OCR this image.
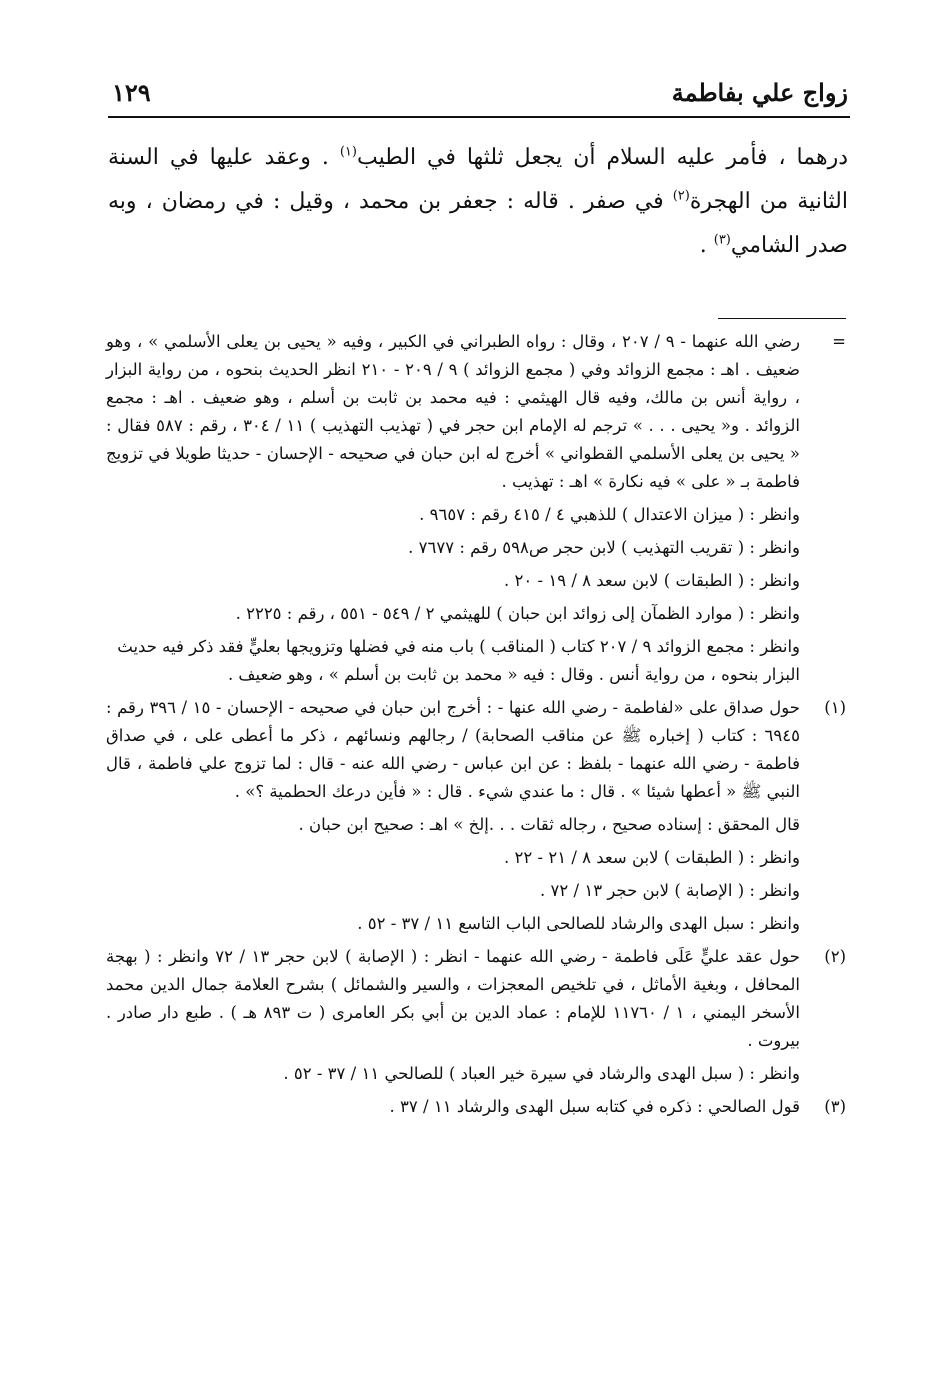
زواج علي بفاطمة
١٢٩

درهما ، فأمر عليه السلام أن يجعل ثلثها في الطيب$^{(١)}$ . وعقد عليها في السنة الثانية من الهجرة$^{(٢)}$ في صفر . قاله : جعفر بن محمد ، وقيل : في رمضان ، وبه صدر الشامي$^{(٣)}$ .

=
رضي الله عنهما - ٩ / ٢٠٧ ، وقال : رواه الطبراني في الكبير ، وفيه « يحيى بن يعلى الأسلمي » ، وهو ضعيف . اهـ : مجمع الزوائد وفي ( مجمع الزوائد ) ٩ / ٢٠٩ - ٢١٠ انظر الحديث بنحوه ، من رواية البزار ، رواية أنس بن مالك، وفيه قال الهيثمي : فيه محمد بن ثابت بن أسلم ، وهو ضعيف . اهـ : مجمع الزوائد . و« يحيى . . . » ترجم له الإمام ابن حجر في ( تهذيب التهذيب ) ١١ / ٣٠٤ ، رقم : ٥٨٧ فقال : « يحيى بن يعلى الأسلمي القطواني » أخرج له ابن حبان في صحيحه - الإحسان - حديثا طويلا في تزويج فاطمة بـ « على » فيه نكارة » اهـ : تهذيب .
وانظر : ( ميزان الاعتدال ) للذهبي ٤ / ٤١٥ رقم : ٩٦٥٧ .
وانظر : ( تقريب التهذيب ) لابن حجر ص٥٩٨ رقم : ٧٦٧٧ .
وانظر : ( الطبقات ) لابن سعد ٨ / ١٩ - ٢٠ .
وانظر : ( موارد الظمآن إلى زوائد ابن حبان ) للهيثمي ٢ / ٥٤٩ - ٥٥١ ، رقم : ٢٢٢٥ .
وانظر : مجمع الزوائد ٩ / ٢٠٧ كتاب ( المناقب ) باب منه في فضلها وتزويجها بعليٍّ فقد ذكر فيه حديث البزار بنحوه ، من رواية أنس . وقال : فيه « محمد بن ثابت بن أسلم » ، وهو ضعيف .
(١)
حول صداق على «لفاطمة - رضي الله عنها - : أخرج ابن حبان في صحيحه - الإحسان - ١٥ / ٣٩٦ رقم : ٦٩٤٥ : كتاب ( إخباره ﷺ عن مناقب الصحابة) / رجالهم ونسائهم ، ذكر ما أعطى على ، في صداق فاطمة - رضي الله عنهما - بلفظ : عن ابن عباس - رضي الله عنه - قال : لما تزوج علي فاطمة ، قال النبي ﷺ « أعطها شيئا » . قال : ما عندي شيء . قال : « فأين درعك الحطمية ؟» .
قال المحقق : إسناده صحيح ، رجاله ثقات . . .إلخ » اهـ : صحيح ابن حبان .
وانظر : ( الطبقات ) لابن سعد ٨ / ٢١ - ٢٢ .
وانظر : ( الإصابة ) لابن حجر ١٣ / ٧٢ .
وانظر : سبل الهدى والرشاد للصالحى الباب التاسع ١١ / ٣٧ - ٥٢ .
(٢)
حول عقد عليٍّ عَلَى فاطمة - رضي الله عنهما - انظر : ( الإصابة ) لابن حجر ١٣ / ٧٢ وانظر : ( بهجة المحافل ، وبغية الأماثل ، في تلخيص المعجزات ، والسير والشمائل ) بشرح العلامة جمال الدين محمد الأسخر اليمني ، ١ / ١١٧٦٠ للإمام : عماد الدين بن أبي بكر العامرى ( ت ٨٩٣ هـ ) . طبع دار صادر . بيروت .
وانظر : ( سبل الهدى والرشاد في سيرة خير العباد ) للصالحي ١١ / ٣٧ - ٥٢ .
(٣)
قول الصالحي : ذكره في كتابه سبل الهدى والرشاد ١١ / ٣٧ .
